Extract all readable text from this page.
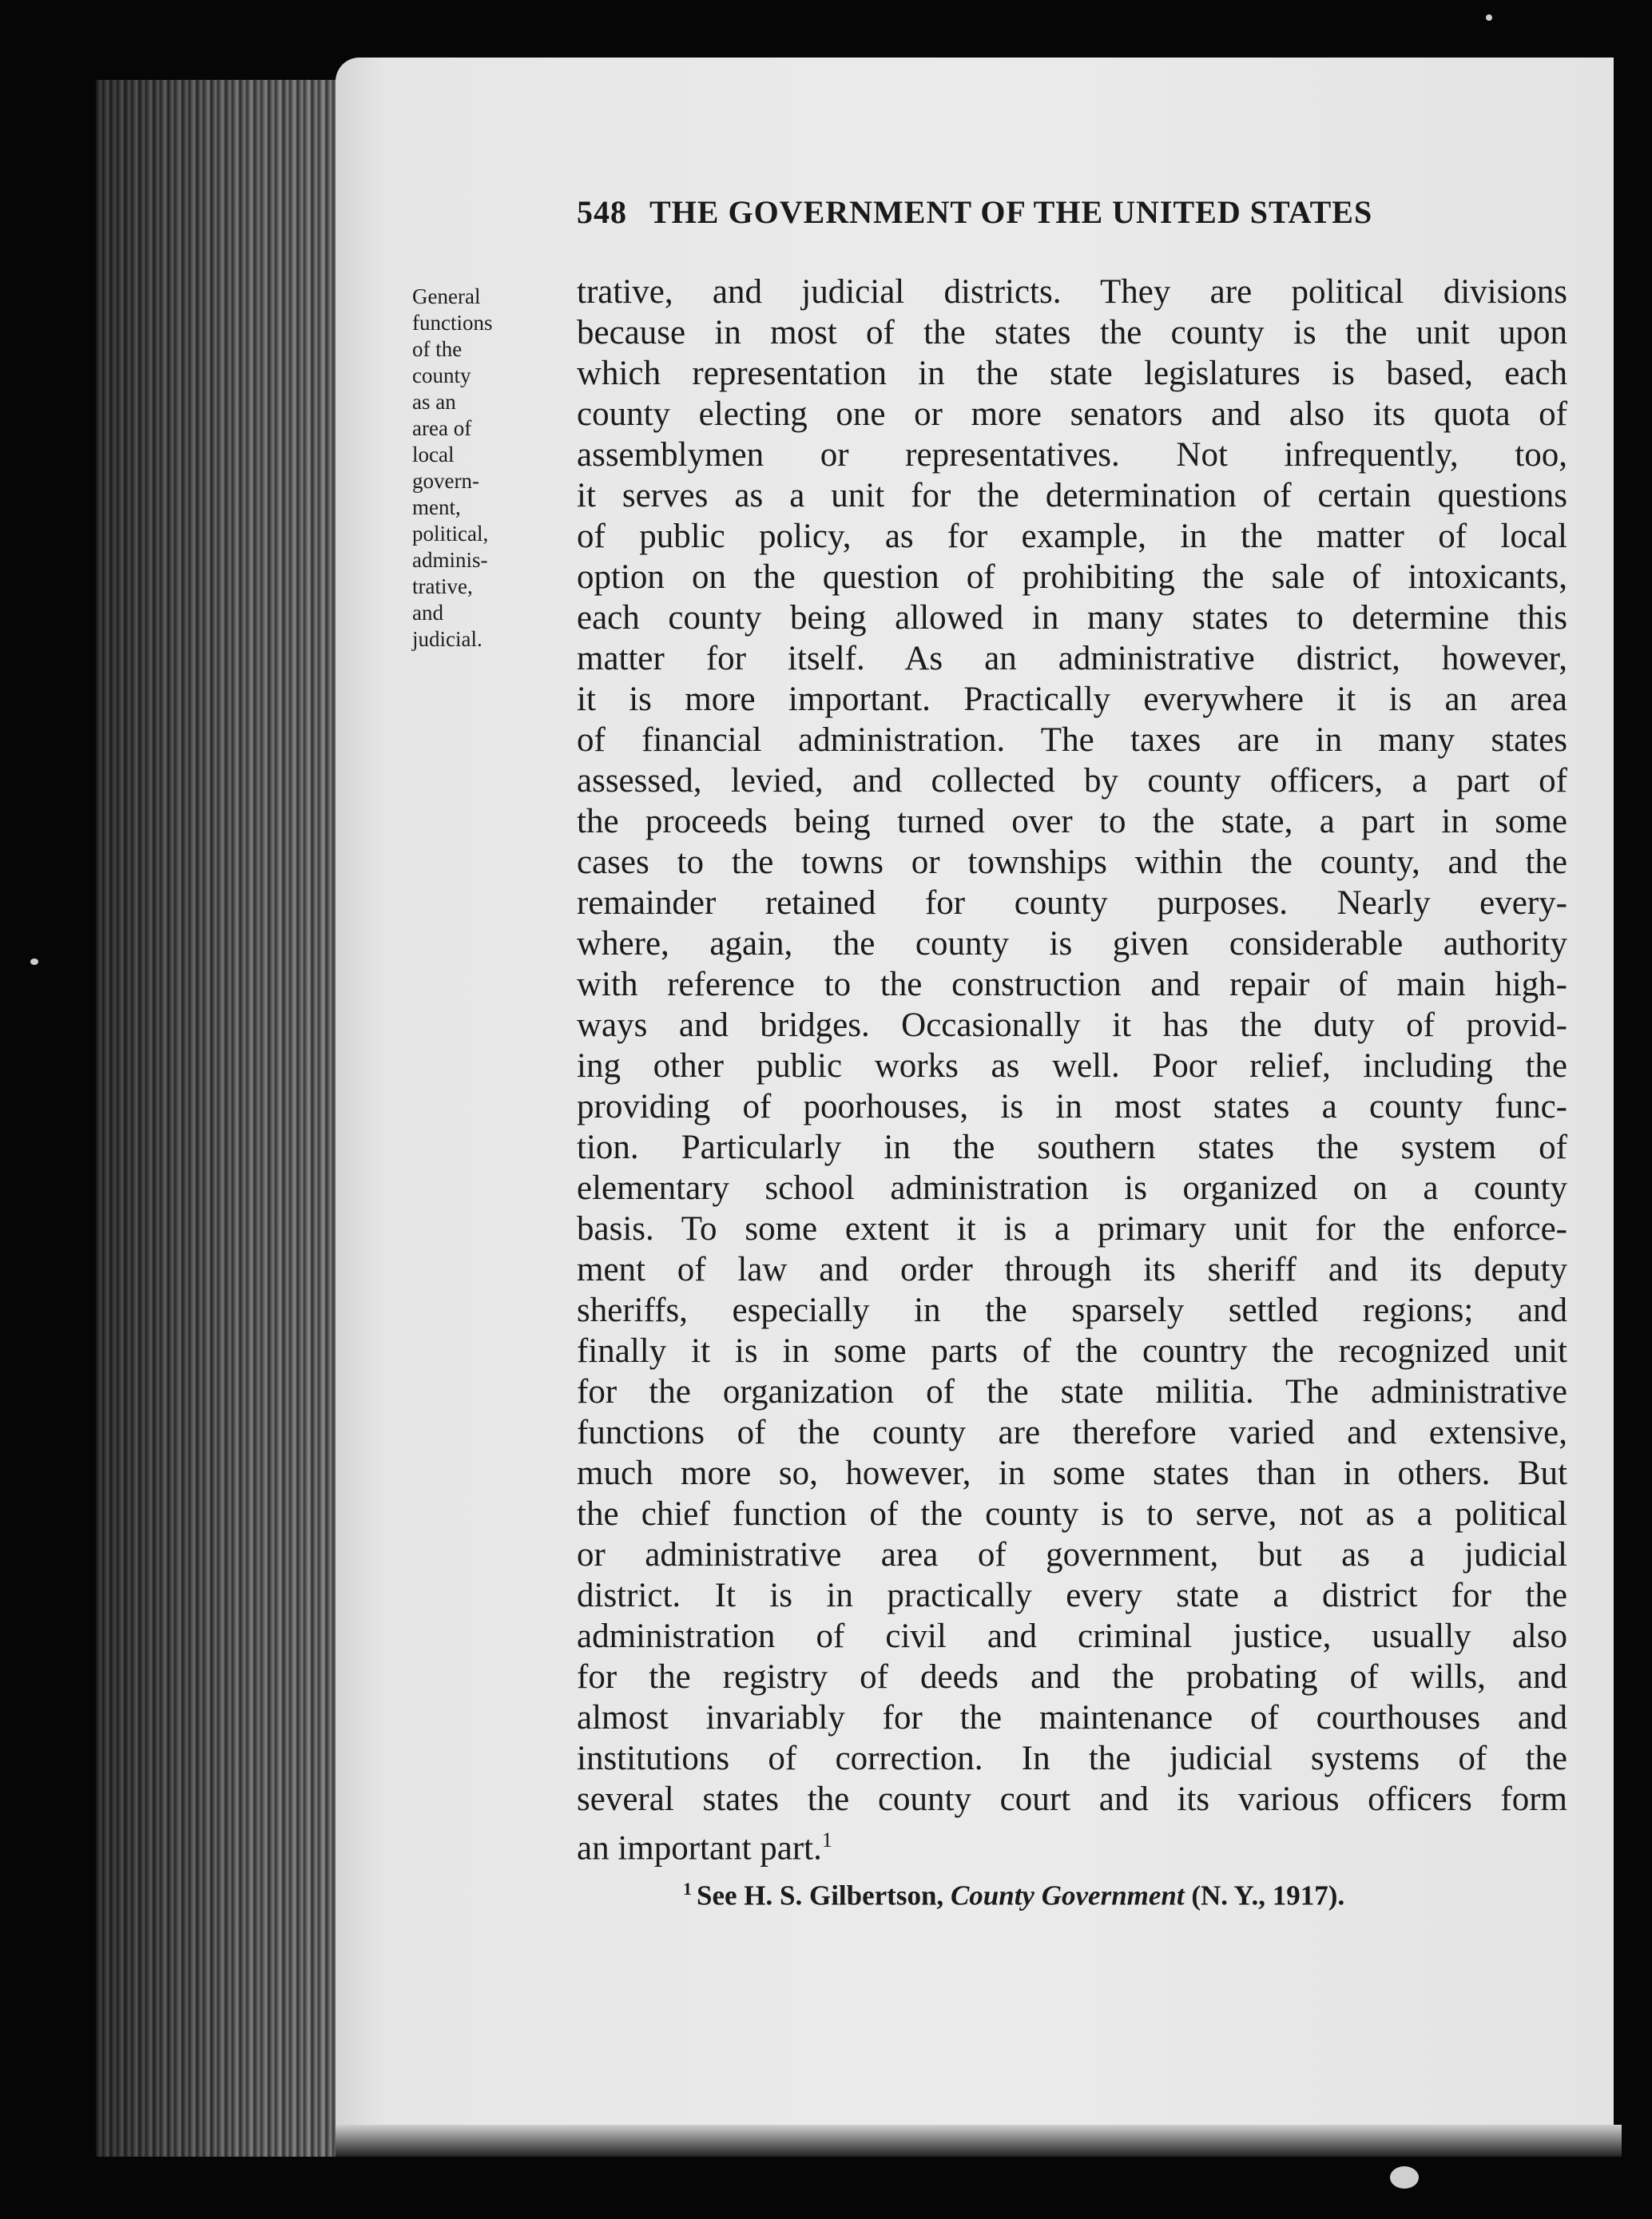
548 THE GOVERNMENT OF THE UNITED STATES
General
functions
of the
county
as an
area of
local
govern-
ment,
political,
adminis-
trative,
and
judicial.
trative, and judicial districts. They are political divisions
because in most of the states the county is the unit upon
which representation in the state legislatures is based, each
county electing one or more senators and also its quota of
assemblymen or representatives. Not infrequently, too,
it serves as a unit for the determination of certain questions
of public policy, as for example, in the matter of local
option on the question of prohibiting the sale of intoxicants,
each county being allowed in many states to determine this
matter for itself. As an administrative district, however,
it is more important. Practically everywhere it is an area
of financial administration. The taxes are in many states
assessed, levied, and collected by county officers, a part of
the proceeds being turned over to the state, a part in some
cases to the towns or townships within the county, and the
remainder retained for county purposes. Nearly every-
where, again, the county is given considerable authority
with reference to the construction and repair of main high-
ways and bridges. Occasionally it has the duty of provid-
ing other public works as well. Poor relief, including the
providing of poorhouses, is in most states a county func-
tion. Particularly in the southern states the system of
elementary school administration is organized on a county
basis. To some extent it is a primary unit for the enforce-
ment of law and order through its sheriff and its deputy
sheriffs, especially in the sparsely settled regions; and
finally it is in some parts of the country the recognized unit
for the organization of the state militia. The administrative
functions of the county are therefore varied and extensive,
much more so, however, in some states than in others. But
the chief function of the county is to serve, not as a political
or administrative area of government, but as a judicial
district. It is in practically every state a district for the
administration of civil and criminal justice, usually also
for the registry of deeds and the probating of wills, and
almost invariably for the maintenance of courthouses and
institutions of correction. In the judicial systems of the
several states the county court and its various officers form
an important part.$^1$
$^1$ See H. S. Gilbertson, County Government (N. Y., 1917).
